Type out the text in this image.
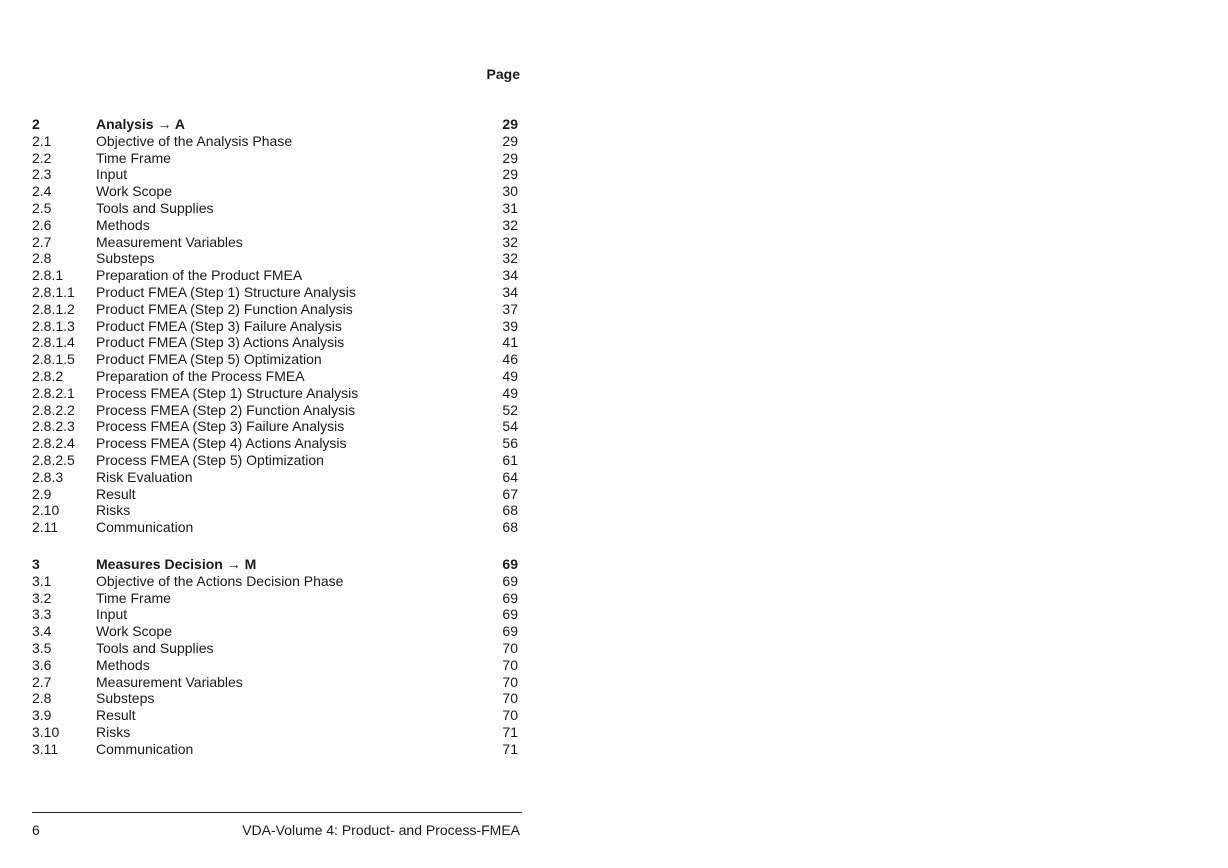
Page
2	Analysis → A	29
2.1	Objective of the Analysis Phase	29
2.2	Time Frame	29
2.3	Input	29
2.4	Work Scope	30
2.5	Tools and Supplies	31
2.6	Methods	32
2.7	Measurement Variables	32
2.8	Substeps	32
2.8.1 Preparation of the Product FMEA	34
2.8.1.1 Product FMEA (Step 1) Structure Analysis	34
2.8.1.2 Product FMEA (Step 2) Function Analysis	37
2.8.1.3 Product FMEA (Step 3) Failure Analysis	39
2.8.1.4 Product FMEA (Step 3) Actions Analysis	41
2.8.1.5 Product FMEA (Step 5) Optimization	46
2.8.2 Preparation of the Process FMEA	49
2.8.2.1 Process FMEA (Step 1) Structure Analysis	49
2.8.2.2 Process FMEA (Step 2) Function Analysis	52
2.8.2.3 Process FMEA (Step 3) Failure Analysis	54
2.8.2.4 Process FMEA (Step 4) Actions Analysis	56
2.8.2.5 Process FMEA (Step 5) Optimization	61
2.8.3 Risk Evaluation	64
2.9	Result	67
2.10	Risks	68
2.11	Communication	68
3	Measures Decision → M	69
3.1	Objective of the Actions Decision Phase	69
3.2	Time Frame	69
3.3	Input	69
3.4	Work Scope	69
3.5	Tools and Supplies	70
3.6	Methods	70
2.7	Measurement Variables	70
2.8	Substeps	70
3.9	Result	70
3.10	Risks	71
3.11	Communication	71
6	VDA-Volume 4: Product- and Process-FMEA
